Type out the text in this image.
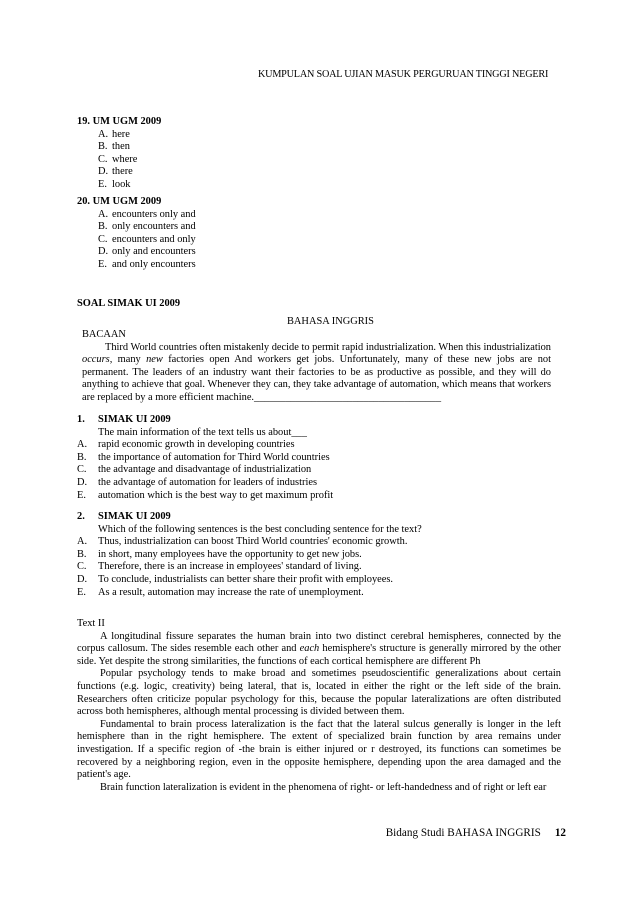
KUMPULAN SOAL UJIAN MASUK PERGURUAN TINGGI NEGERI
19. UM UGM 2009
A. here
B. then
C. where
D. there
E. look
20. UM UGM 2009
A. encounters only and
B. only encounters and
C. encounters and only
D. only and encounters
E. and only encounters
SOAL SIMAK UI 2009
BAHASA INGGRIS
BACAAN
Third World countries often mistakenly decide to permit rapid industrialization. When this industrialization occurs, many new factories open And workers get jobs. Unfortunately, many of these new jobs are not permanent. The leaders of an industry want their factories to be as productive as possible, and they will do anything to achieve that goal. Whenever they can, they take advantage of automation, which means that workers are replaced by a more efficient machine.____________________________________
1.	SIMAK UI 2009
The main information of the text tells us about___
A.	rapid economic growth in developing countries
B.	the importance of automation for Third World countries
C.	the advantage and disadvantage of industrialization
D.	the advantage of automation for leaders of industries
E.	automation which is the best way to get maximum profit
2.	SIMAK UI 2009
Which of the following sentences is the best concluding sentence for the text?
A.	Thus, industrialization can boost Third World countries' economic growth.
B.	in short, many employees have the opportunity to get new jobs.
C.	Therefore, there is an increase in employees' standard of living.
D.	To conclude, industrialists can better share their profit with employees.
E.	As a result, automation may increase the rate of unemployment.
Text II
A longitudinal fissure separates the human brain into two distinct cerebral hemispheres, connected by the corpus callosum. The sides resemble each other and each hemisphere's structure is generally mirrored by the other side. Yet despite the strong similarities, the functions of each cortical hemisphere are different Ph
Popular psychology tends to make broad and sometimes pseudoscientific generalizations about certain functions (e.g. logic, creativity) being lateral, that is, located in either the right or the left side of the brain. Researchers often criticize popular psychology for this, because the popular lateralizations are often distributed across both hemispheres, although mental processing is divided between them.
Fundamental to brain process lateralization is the fact that the lateral sulcus generally is longer in the left hemisphere than in the right hemisphere. The extent of specialized brain function by area remains under investigation. If a specific region of -the brain is either injured or r destroyed, its functions can sometimes be recovered by a neighboring region, even in the opposite hemisphere, depending upon the area damaged and the patient's age.
Brain function lateralization is evident in the phenomena of right- or left-handedness and of right or left ear
Bidang Studi BAHASA INGGRIS 12
